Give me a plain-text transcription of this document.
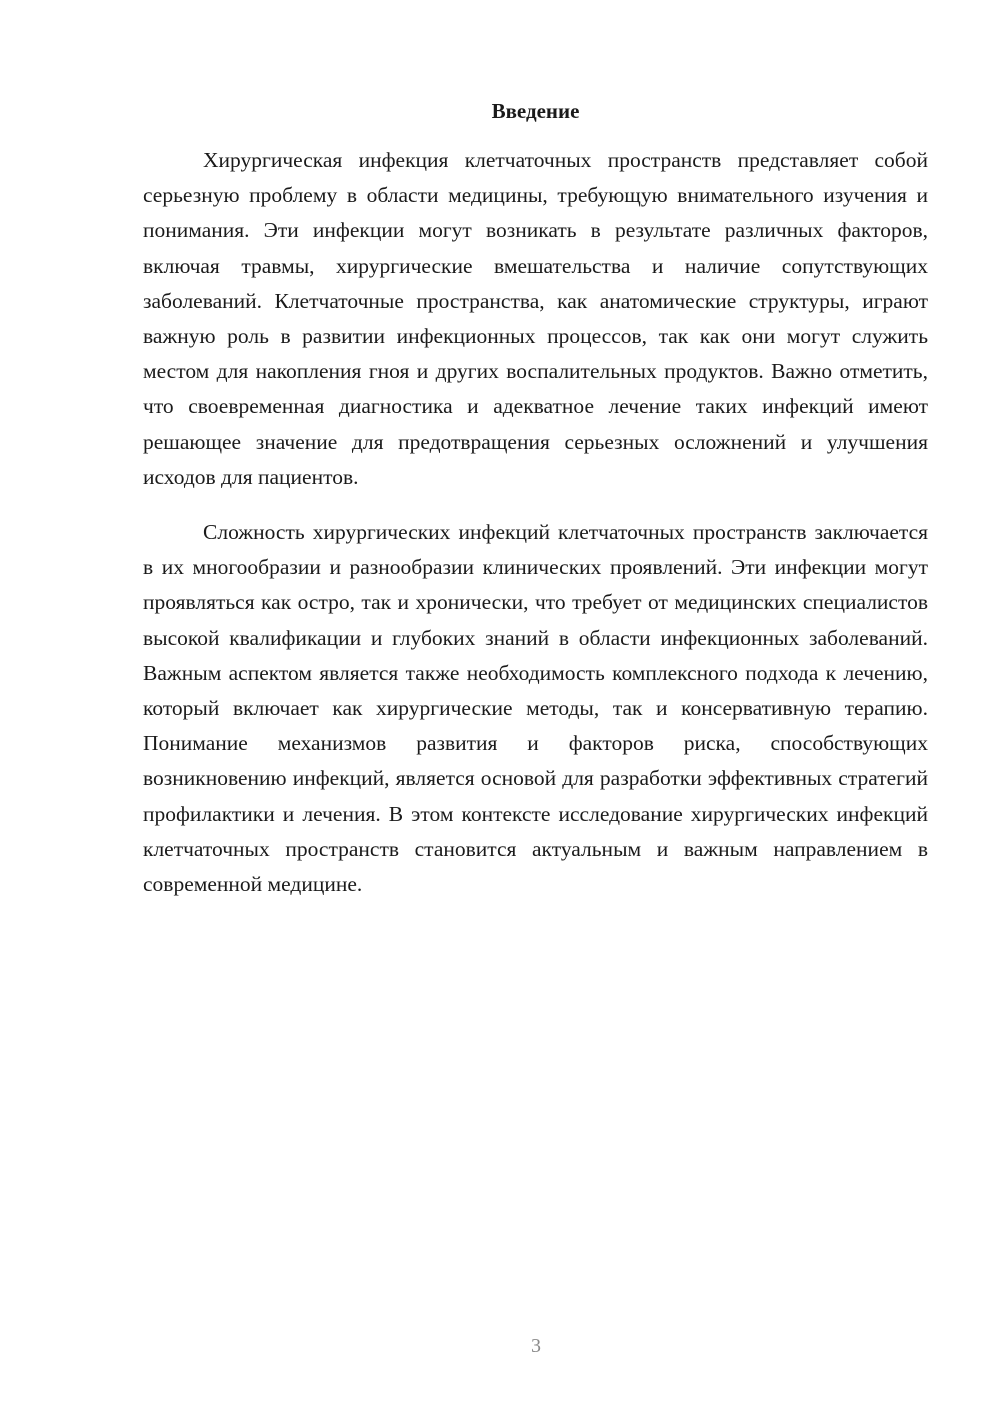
Введение

Хирургическая инфекция клетчаточных пространств представляет собой серьезную проблему в области медицины, требующую внимательного изучения и понимания. Эти инфекции могут возникать в результате различных факторов, включая травмы, хирургические вмешательства и наличие сопутствующих заболеваний. Клетчаточные пространства, как анатомические структуры, играют важную роль в развитии инфекционных процессов, так как они могут служить местом для накопления гноя и других воспалительных продуктов. Важно отметить, что своевременная диагностика и адекватное лечение таких инфекций имеют решающее значение для предотвращения серьезных осложнений и улучшения исходов для пациентов.

Сложность хирургических инфекций клетчаточных пространств заключается в их многообразии и разнообразии клинических проявлений. Эти инфекции могут проявляться как остро, так и хронически, что требует от медицинских специалистов высокой квалификации и глубоких знаний в области инфекционных заболеваний. Важным аспектом является также необходимость комплексного подхода к лечению, который включает как хирургические методы, так и консервативную терапию. Понимание механизмов развития и факторов риска, способствующих возникновению инфекций, является основой для разработки эффективных стратегий профилактики и лечения. В этом контексте исследование хирургических инфекций клетчаточных пространств становится актуальным и важным направлением в современной медицине.

3
